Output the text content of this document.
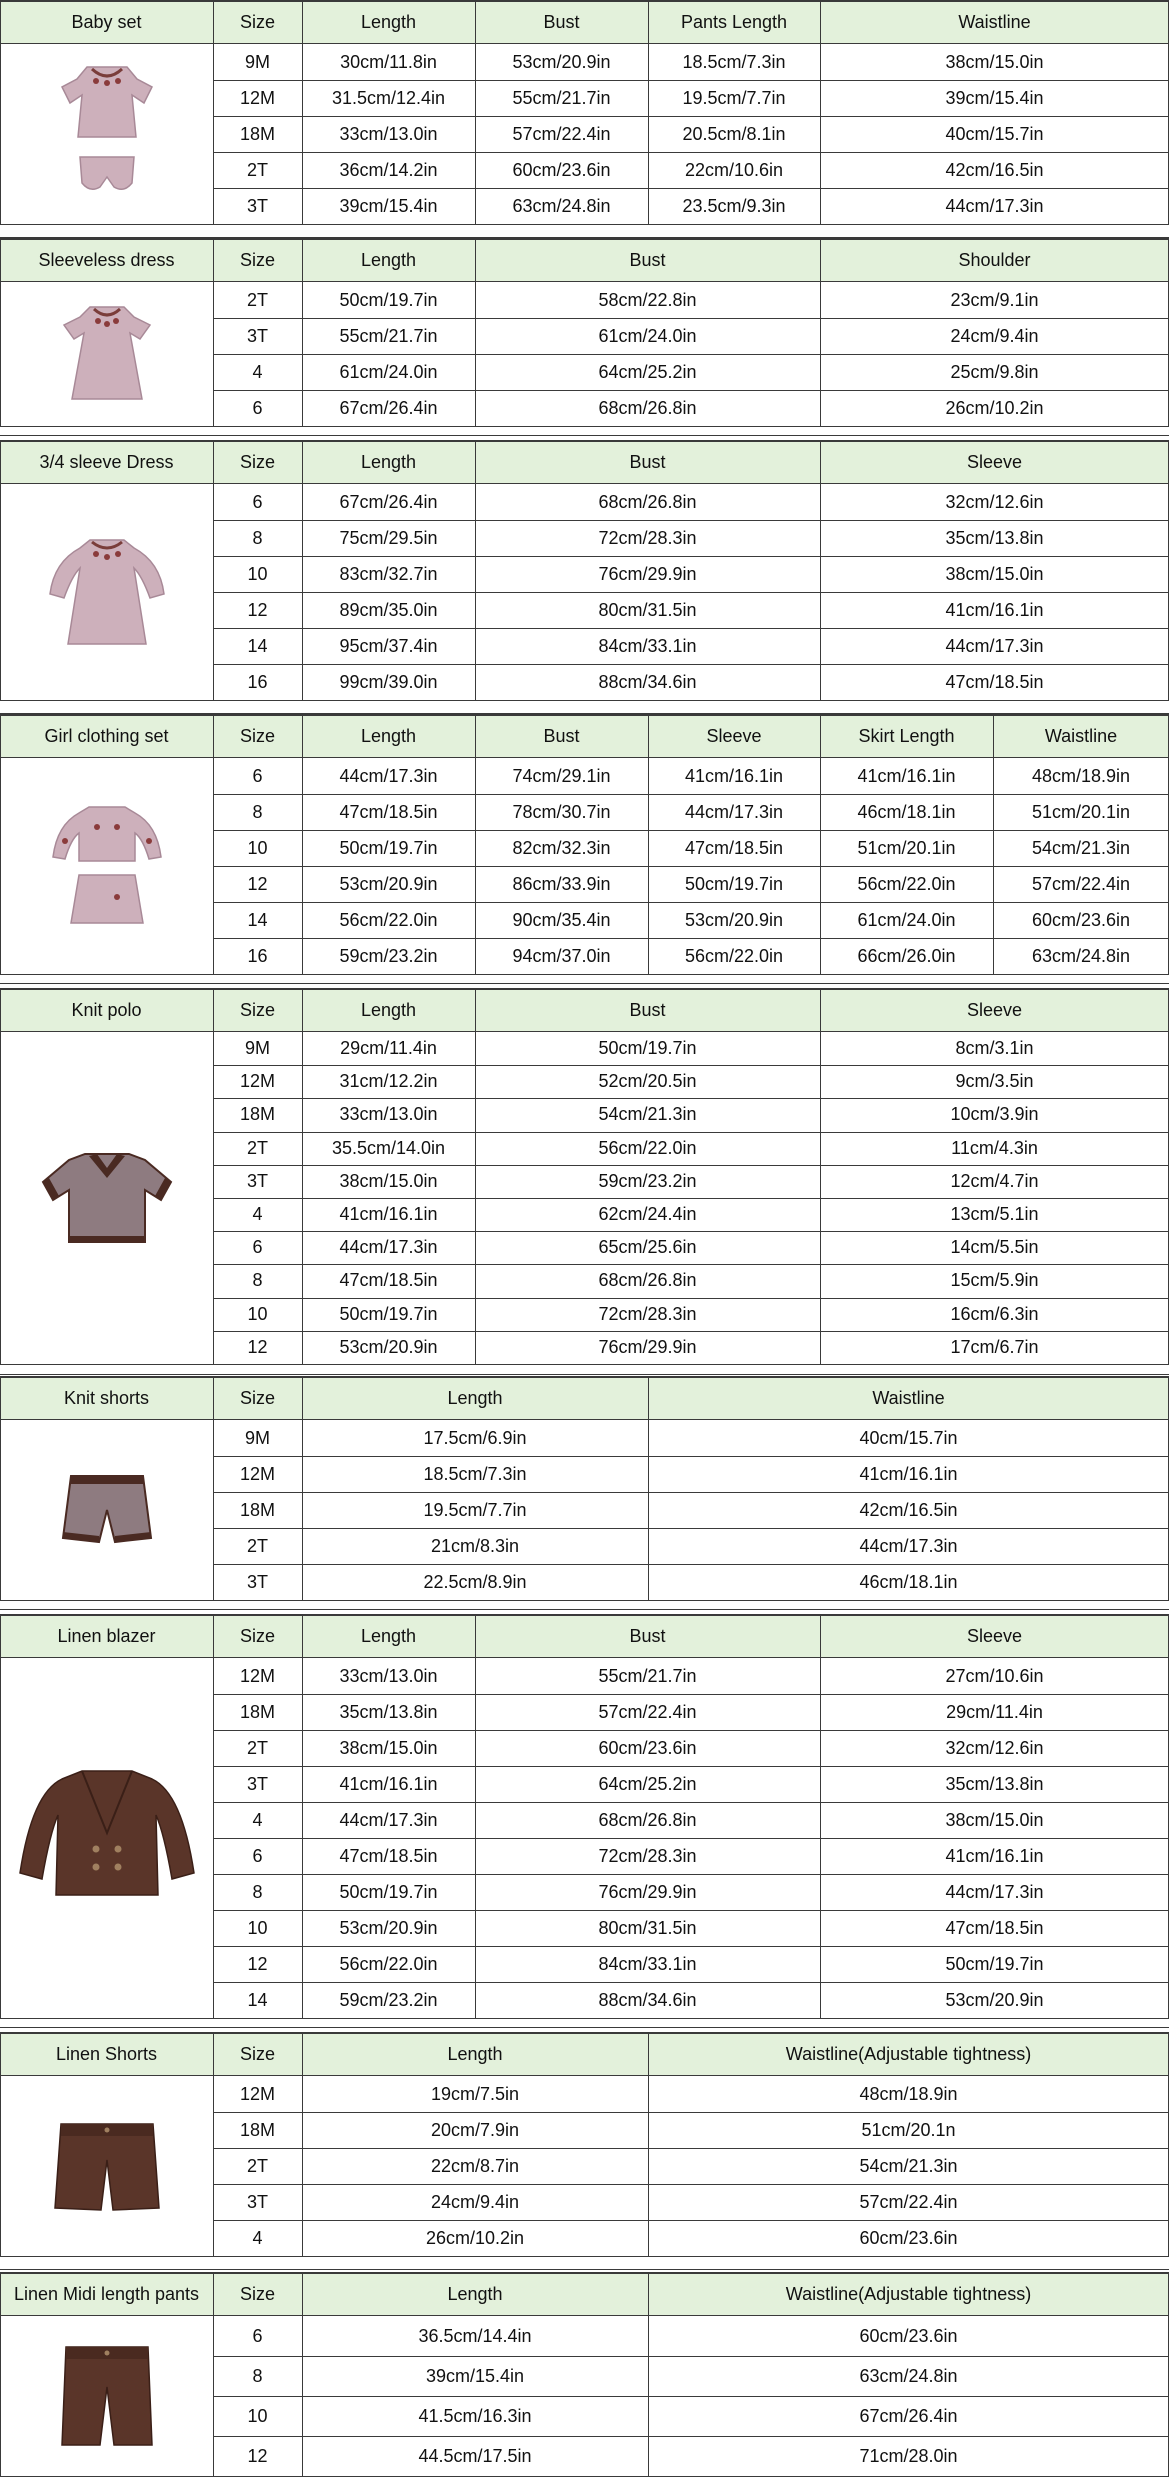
Baby set	Size	Length	Bust	Pants Length	Waistline
9M	30cm/11.8in	53cm/20.9in	18.5cm/7.3in	38cm/15.0in
12M	31.5cm/12.4in	55cm/21.7in	19.5cm/7.7in	39cm/15.4in
18M	33cm/13.0in	57cm/22.4in	20.5cm/8.1in	40cm/15.7in
2T	36cm/14.2in	60cm/23.6in	22cm/10.6in	42cm/16.5in
3T	39cm/15.4in	63cm/24.8in	23.5cm/9.3in	44cm/17.3in
Sleeveless dress	Size	Length	Bust	Shoulder
2T	50cm/19.7in	58cm/22.8in	23cm/9.1in
3T	55cm/21.7in	61cm/24.0in	24cm/9.4in
4	61cm/24.0in	64cm/25.2in	25cm/9.8in
6	67cm/26.4in	68cm/26.8in	26cm/10.2in
3/4 sleeve Dress	Size	Length	Bust	Sleeve
6	67cm/26.4in	68cm/26.8in	32cm/12.6in
8	75cm/29.5in	72cm/28.3in	35cm/13.8in
10	83cm/32.7in	76cm/29.9in	38cm/15.0in
12	89cm/35.0in	80cm/31.5in	41cm/16.1in
14	95cm/37.4in	84cm/33.1in	44cm/17.3in
16	99cm/39.0in	88cm/34.6in	47cm/18.5in
Girl clothing set	Size	Length	Bust	Sleeve	Skirt Length	Waistline
6	44cm/17.3in	74cm/29.1in	41cm/16.1in	41cm/16.1in	48cm/18.9in
8	47cm/18.5in	78cm/30.7in	44cm/17.3in	46cm/18.1in	51cm/20.1in
10	50cm/19.7in	82cm/32.3in	47cm/18.5in	51cm/20.1in	54cm/21.3in
12	53cm/20.9in	86cm/33.9in	50cm/19.7in	56cm/22.0in	57cm/22.4in
14	56cm/22.0in	90cm/35.4in	53cm/20.9in	61cm/24.0in	60cm/23.6in
16	59cm/23.2in	94cm/37.0in	56cm/22.0in	66cm/26.0in	63cm/24.8in
Knit polo	Size	Length	Bust	Sleeve
9M	29cm/11.4in	50cm/19.7in	8cm/3.1in
12M	31cm/12.2in	52cm/20.5in	9cm/3.5in
18M	33cm/13.0in	54cm/21.3in	10cm/3.9in
2T	35.5cm/14.0in	56cm/22.0in	11cm/4.3in
3T	38cm/15.0in	59cm/23.2in	12cm/4.7in
4	41cm/16.1in	62cm/24.4in	13cm/5.1in
6	44cm/17.3in	65cm/25.6in	14cm/5.5in
8	47cm/18.5in	68cm/26.8in	15cm/5.9in
10	50cm/19.7in	72cm/28.3in	16cm/6.3in
12	53cm/20.9in	76cm/29.9in	17cm/6.7in
Knit shorts	Size	Length	Waistline
9M	17.5cm/6.9in	40cm/15.7in
12M	18.5cm/7.3in	41cm/16.1in
18M	19.5cm/7.7in	42cm/16.5in
2T	21cm/8.3in	44cm/17.3in
3T	22.5cm/8.9in	46cm/18.1in
Linen blazer	Size	Length	Bust	Sleeve
12M	33cm/13.0in	55cm/21.7in	27cm/10.6in
18M	35cm/13.8in	57cm/22.4in	29cm/11.4in
2T	38cm/15.0in	60cm/23.6in	32cm/12.6in
3T	41cm/16.1in	64cm/25.2in	35cm/13.8in
4	44cm/17.3in	68cm/26.8in	38cm/15.0in
6	47cm/18.5in	72cm/28.3in	41cm/16.1in
8	50cm/19.7in	76cm/29.9in	44cm/17.3in
10	53cm/20.9in	80cm/31.5in	47cm/18.5in
12	56cm/22.0in	84cm/33.1in	50cm/19.7in
14	59cm/23.2in	88cm/34.6in	53cm/20.9in
Linen Shorts	Size	Length	Waistline(Adjustable tightness)
12M	19cm/7.5in	48cm/18.9in
18M	20cm/7.9in	51cm/20.1n
2T	22cm/8.7in	54cm/21.3in
3T	24cm/9.4in	57cm/22.4in
4	26cm/10.2in	60cm/23.6in
Linen Midi length pants	Size	Length	Waistline(Adjustable tightness)
6	36.5cm/14.4in	60cm/23.6in
8	39cm/15.4in	63cm/24.8in
10	41.5cm/16.3in	67cm/26.4in
12	44.5cm/17.5in	71cm/28.0in
